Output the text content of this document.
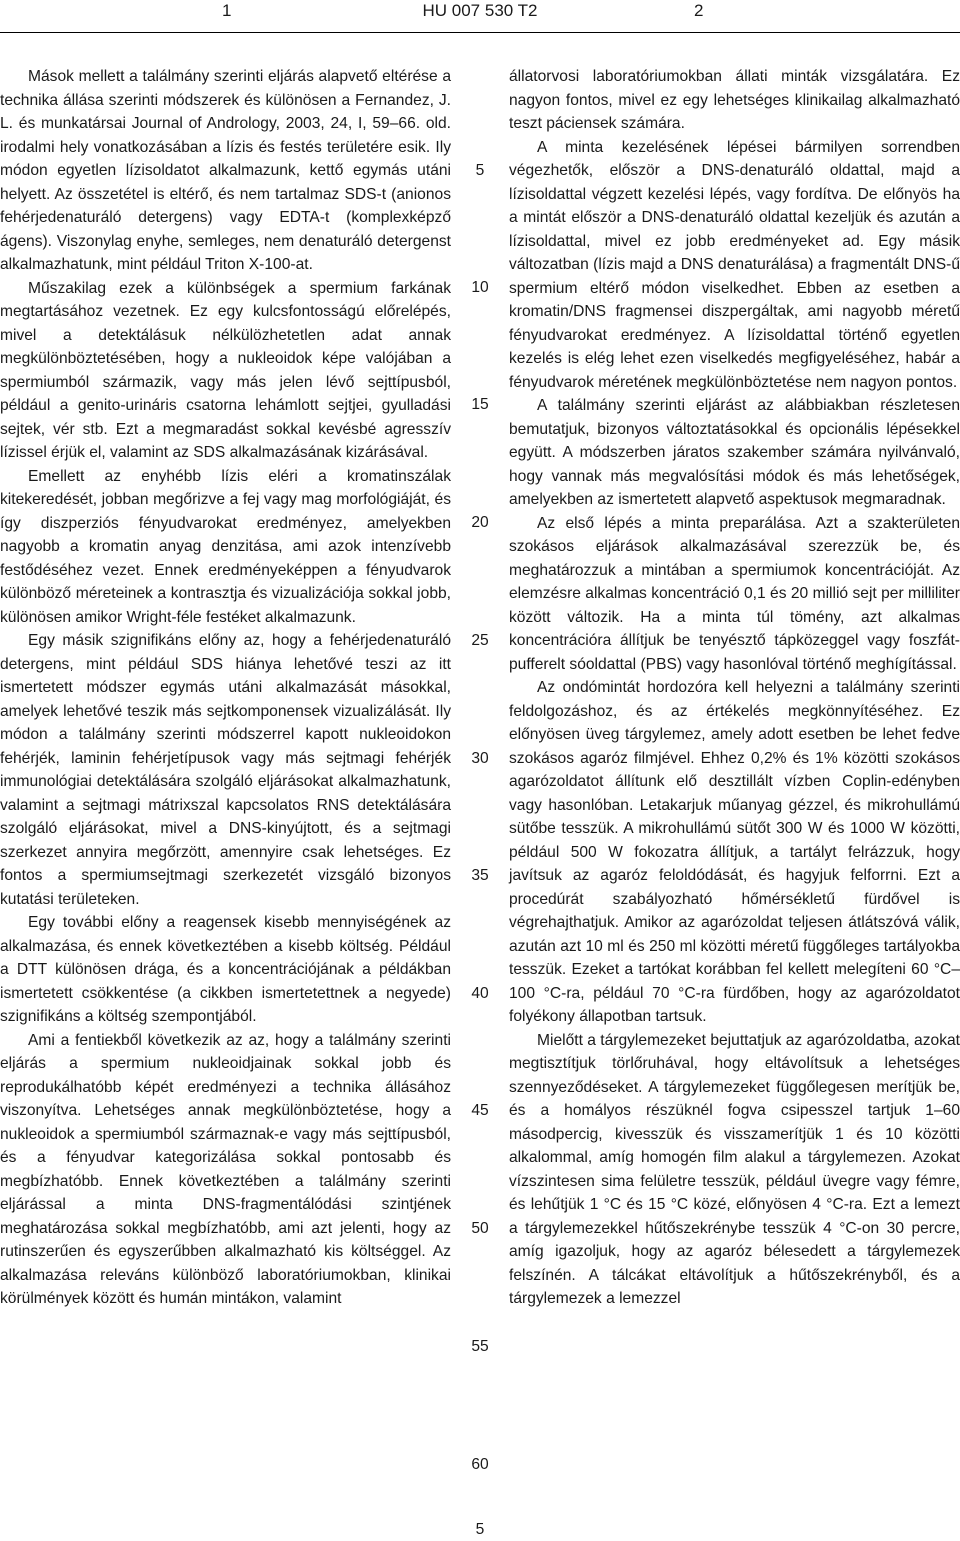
1	HU 007 530 T2	2

Mások mellett a találmány szerinti eljárás alapvető eltérése a technika állása szerinti módszerek és különösen a Fernandez, J. L. és munkatársai Journal of Andrology, 2003, 24, I, 59–66. old. irodalmi hely vonatkozásában a lízis és festés területére esik. Ily módon egyetlen lízisoldatot alkalmazunk, kettő egymás utáni helyett. Az összetétel is eltérő, és nem tartalmaz SDS-t (anionos fehérjedenaturáló detergens) vagy EDTA-t (komplexképző ágens). Viszonylag enyhe, semleges, nem denaturáló detergenst alkalmazhatunk, mint például Triton X-100-at.

Műszakilag ezek a különbségek a spermium farkának megtartásához vezetnek. Ez egy kulcsfontosságú előrelépés, mivel a detektálásuk nélkülözhetetlen adat annak megkülönböztetésében, hogy a nukleoidok képe valójában a spermiumból származik, vagy más jelen lévő sejttípusból, például a genito-urináris csatorna lehámlott sejtjei, gyulladási sejtek, vér stb. Ezt a megmaradást sokkal kevésbé agresszív lízissel érjük el, valamint az SDS alkalmazásának kizárásával.

Emellett az enyhébb lízis eléri a kromatinszálak kitekeredését, jobban megőrizve a fej vagy mag morfológiáját, és így diszperziós fényudvarokat eredményez, amelyekben nagyobb a kromatin anyag denzitása, ami azok intenzívebb festődéséhez vezet. Ennek eredményeképpen a fényudvarok különböző méreteinek a kontrasztja és vizualizációja sokkal jobb, különösen amikor Wright-féle festéket alkalmazunk.

Egy másik szignifikáns előny az, hogy a fehérjedenaturáló detergens, mint például SDS hiánya lehetővé teszi az itt ismertetett módszer egymás utáni alkalmazását másokkal, amelyek lehetővé teszik más sejtkomponensek vizualizálását. Ily módon a találmány szerinti módszerrel kapott nukleoidokon fehérjék, laminin fehérjetípusok vagy más sejtmagi fehérjék immunológiai detektálására szolgáló eljárásokat alkalmazhatunk, valamint a sejtmagi mátrixszal kapcsolatos RNS detektálására szolgáló eljárásokat, mivel a DNS-kinyújtott, és a sejtmagi szerkezet annyira megőrzött, amennyire csak lehetséges. Ez fontos a spermiumsejtmagi szerkezetét vizsgáló bizonyos kutatási területeken.

Egy további előny a reagensek kisebb mennyiségének az alkalmazása, és ennek következtében a kisebb költség. Például a DTT különösen drága, és a koncentrációjának a példákban ismertetett csökkentése (a cikkben ismertetettnek a negyede) szignifikáns a költség szempontjából.

Ami a fentiekből következik az az, hogy a találmány szerinti eljárás a spermium nukleoidjainak sokkal jobb és reprodukálhatóbb képét eredményezi a technika állásához viszonyítva. Lehetséges annak megkülönböztetése, hogy a nukleoidok a spermiumból származnak-e vagy más sejttípusból, és a fényudvar kategorizálása sokkal pontosabb és megbízhatóbb. Ennek következtében a találmány szerinti eljárással a minta DNS-fragmentálódási szintjének meghatározása sokkal megbízhatóbb, ami azt jelenti, hogy az rutinszerűen és egyszerűbben alkalmazható kis költséggel. Az alkalmazása releváns különböző laboratóriumokban, klinikai körülmények között és humán mintákon, valamint

állatorvosi laboratóriumokban állati minták vizsgálatára. Ez nagyon fontos, mivel ez egy lehetséges klinikailag alkalmazható teszt páciensek számára.

A minta kezelésének lépései bármilyen sorrendben végezhetők, először a DNS-denaturáló oldattal, majd a lízisoldattal végzett kezelési lépés, vagy fordítva. De előnyös ha a mintát először a DNS-denaturáló oldattal kezeljük és azután a lízisoldattal, mivel ez jobb eredményeket ad. Egy másik változatban (lízis majd a DNS denaturálása) a fragmentált DNS-ű spermium eltérő módon viselkedhet. Ebben az esetben a kromatin/DNS fragmensei diszpergáltak, ami nagyobb méretű fényudvarokat eredményez. A lízisoldattal történő egyetlen kezelés is elég lehet ezen viselkedés megfigyeléséhez, habár a fényudvarok méretének megkülönböztetése nem nagyon pontos.

A találmány szerinti eljárást az alábbiakban részletesen bemutatjuk, bizonyos változtatásokkal és opcionális lépésekkel együtt. A módszerben járatos szakember számára nyilvánvaló, hogy vannak más megvalósítási módok és más lehetőségek, amelyekben az ismertetett alapvető aspektusok megmaradnak.

Az első lépés a minta preparálása. Azt a szakterületen szokásos eljárások alkalmazásával szerezzük be, és meghatározzuk a mintában a spermiumok koncentrációját. Az elemzésre alkalmas koncentráció 0,1 és 20 millió sejt per milliliter között változik. Ha a minta túl tömény, azt alkalmas koncentrációra állítjuk be tenyésztő tápközeggel vagy foszfát-pufferelt sóoldattal (PBS) vagy hasonlóval történő meghígítással.

Az ondómintát hordozóra kell helyezni a találmány szerinti feldolgozáshoz, és az értékelés megkönnyítéséhez. Ez előnyösen üveg tárgylemez, amely adott esetben be lehet fedve szokásos agaróz filmjével. Ehhez 0,2% és 1% közötti szokásos agarózoldatot állítunk elő desztillált vízben Coplin-edényben vagy hasonlóban. Letakarjuk műanyag gézzel, és mikrohullámú sütőbe tesszük. A mikrohullámú sütőt 300 W és 1000 W közötti, például 500 W fokozatra állítjuk, a tartályt felrázzuk, hogy javítsuk az agaróz feloldódását, és hagyjuk felforrni. Ezt a procedúrát szabályozható hőmérsékletű fürdővel is végrehajthatjuk. Amikor az agarózoldat teljesen átlátszóvá válik, azután azt 10 ml és 250 ml közötti méretű függőleges tartályokba tesszük. Ezeket a tartókat korábban fel kellett melegíteni 60 °C–100 °C-ra, például 70 °C-ra fürdőben, hogy az agarózoldatot folyékony állapotban tartsuk.

Mielőtt a tárgylemezeket bejuttatjuk az agarózoldatba, azokat megtisztítjuk törlőruhával, hogy eltávolítsuk a lehetséges szennyeződéseket. A tárgylemezeket függőlegesen merítjük be, és a homályos részüknél fogva csipesszel tartjuk 1–60 másodpercig, kivesszük és visszamerítjük 1 és 10 közötti alkalommal, amíg homogén film alakul a tárgylemezen. Azokat vízszintesen sima felületre tesszük, például üvegre vagy fémre, és lehűtjük 1 °C és 15 °C közé, előnyösen 4 °C-ra. Ezt a lemezt a tárgylemezekkel hűtőszekrénybe tesszük 4 °C-on 30 percre, amíg igazoljuk, hogy az agaróz bélesedett a tárgylemezek felszínén. A tálcákat eltávolítjuk a hűtőszekrényből, és a tárgylemezek a lemezzel

5
10
15
20
25
30
35
40
45
50
55
60
5
